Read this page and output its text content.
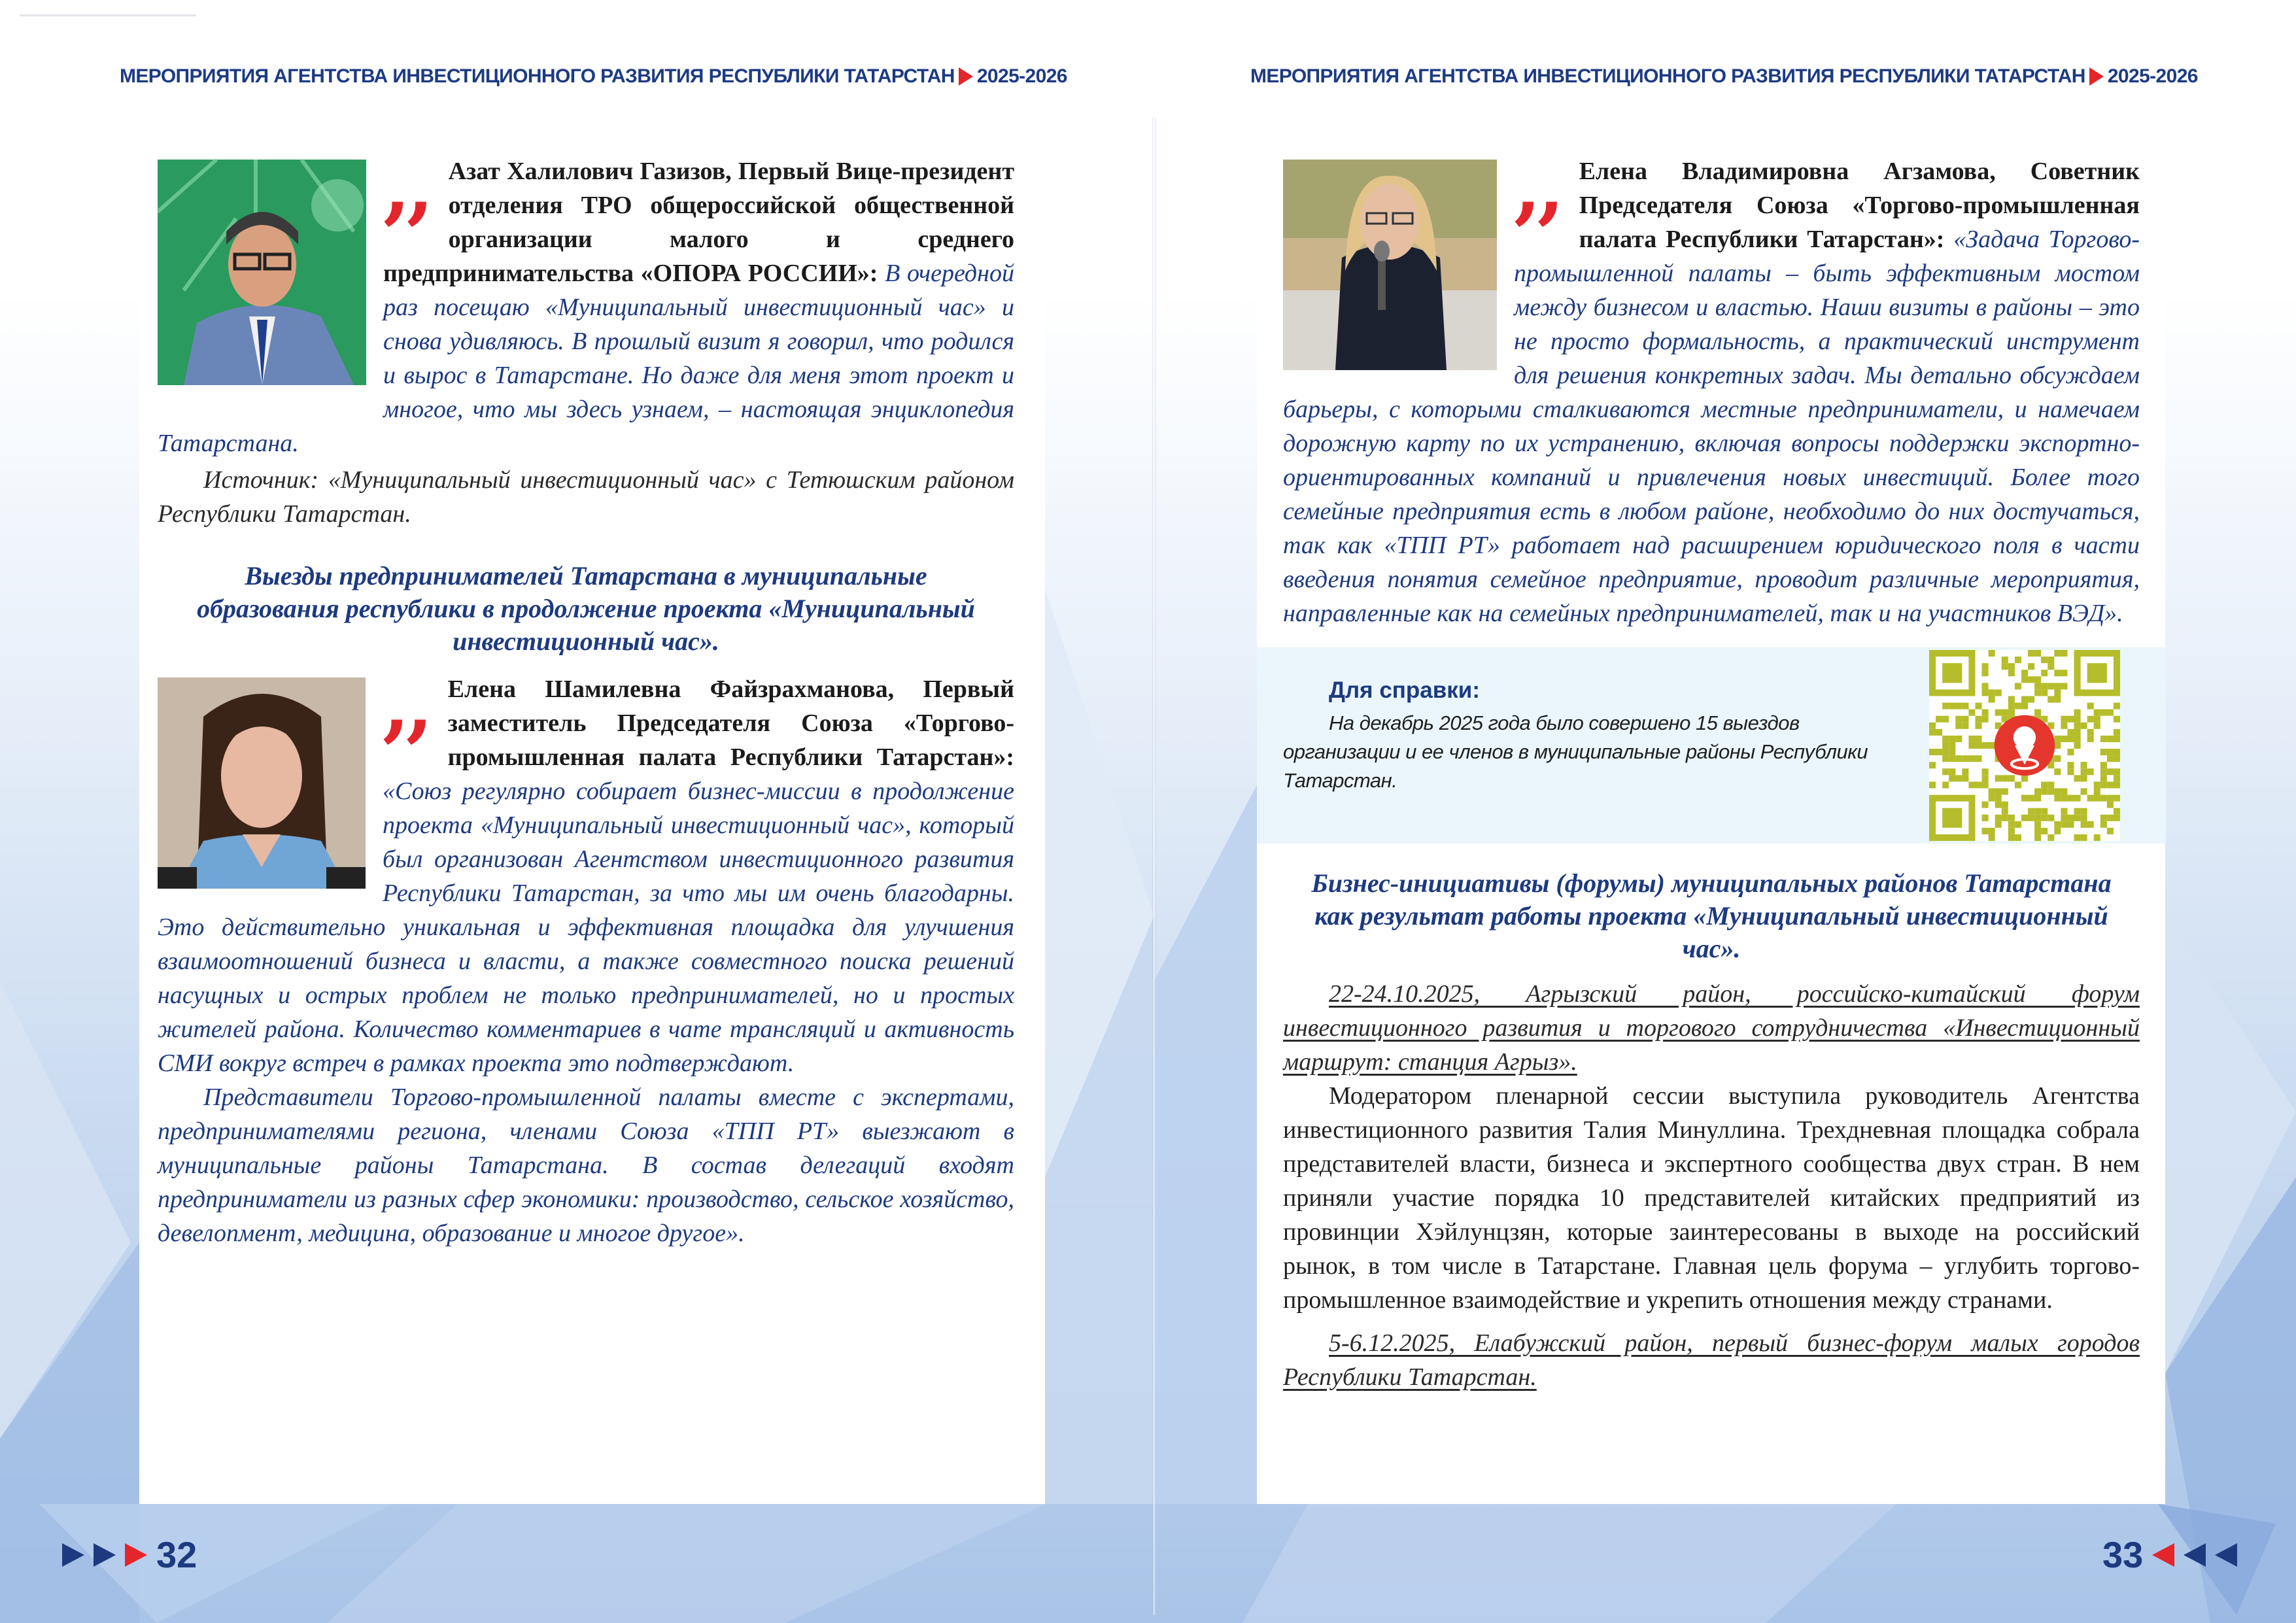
МЕРОПРИЯТИЯ АГЕНТСТВА ИНВЕСТИЦИОННОГО РАЗВИТИЯ РЕСПУБЛИКИ ТАТАРСТАН 2025-2026	МЕРОПРИЯТИЯ АГЕНТСТВА ИНВЕСТИЦИОННОГО РАЗВИТИЯ РЕСПУБЛИКИ ТАТАРСТАН 2025-2026
,, Азат Халилович Газизов, Первый Вице-президент отделения ТРО общероссийской общественной организации малого и среднего предпринимательства «ОПОРА РОССИИ»: В очередной раз посещаю «Муниципальный инвестиционный час» и снова удивляюсь. В прошлый визит я говорил, что родился и вырос в Татарстане. Но даже для меня этот проект и многое, что мы здесь узнаем, – настоящая энциклопедия Татарстана.
Источник: «Муниципальный инвестиционный час» с Тетюшским районом Республики Татарстан.
Выезды предпринимателей Татарстана в муниципальные образования республики в продолжение проекта «Муниципальный инвестиционный час».
,, Елена Шамилевна Файзрахманова, Первый заместитель Председателя Союза «Торгово-промышленная палата Республики Татарстан»: «Союз регулярно собирает бизнес-миссии в продолжение проекта «Муниципальный инвестиционный час», который был организован Агентством инвестиционного развития Республики Татарстан, за что мы им очень благодарны. Это действительно уникальная и эффективная площадка для улучшения взаимоотношений бизнеса и власти, а также совместного поиска решений насущных и острых проблем не только предпринимателей, но и простых жителей района. Количество комментариев в чате трансляций и активность СМИ вокруг встреч в рамках проекта это подтверждают.
Представители Торгово-промышленной палаты вместе с экспертами, предпринимателями региона, членами Союза «ТПП РТ» выезжают в муниципальные районы Татарстана. В состав делегаций входят предприниматели из разных сфер экономики: производство, сельское хозяйство, девелопмент, медицина, образование и многое другое».
32
,, Елена Владимировна Агзамова, Советник Председателя Союза «Торгово-промышленная палата Республики Татарстан»: «Задача Торгово-промышленной палаты – быть эффективным мостом между бизнесом и властью. Наши визиты в районы – это не просто формальность, а практический инструмент для решения конкретных задач. Мы детально обсуждаем барьеры, с которыми сталкиваются местные предприниматели, и намечаем дорожную карту по их устранению, включая вопросы поддержки экспортно-ориентированных компаний и привлечения новых инвестиций. Более того семейные предприятия есть в любом районе, необходимо до них достучаться, так как «ТПП РТ» работает над расширением юридического поля в части введения понятия семейное предприятие, проводит различные мероприятия, направленные как на семейных предпринимателей, так и на участников ВЭД».
Для справки:
На декабрь 2025 года было совершено 15 выездов организации и ее членов в муниципальные районы Республики Татарстан.
Бизнес-инициативы (форумы) муниципальных районов Татарстана как результат работы проекта «Муниципальный инвестиционный час».
22-24.10.2025, Агрызский район, российско-китайский форум инвестиционного развития и торгового сотрудничества «Инвестиционный маршрут: станция Агрыз».
Модератором пленарной сессии выступила руководитель Агентства инвестиционного развития Талия Минуллина. Трехдневная площадка собрала представителей власти, бизнеса и экспертного сообщества двух стран. В нем приняли участие порядка 10 представителей китайских предприятий из провинции Хэйлунцзян, которые заинтересованы в выходе на российский рынок, в том числе в Татарстане. Главная цель форума – углубить торгово-промышленное взаимодействие и укрепить отношения между странами.
5-6.12.2025, Елабужский район, первый бизнес-форум малых городов Республики Татарстан.
33
